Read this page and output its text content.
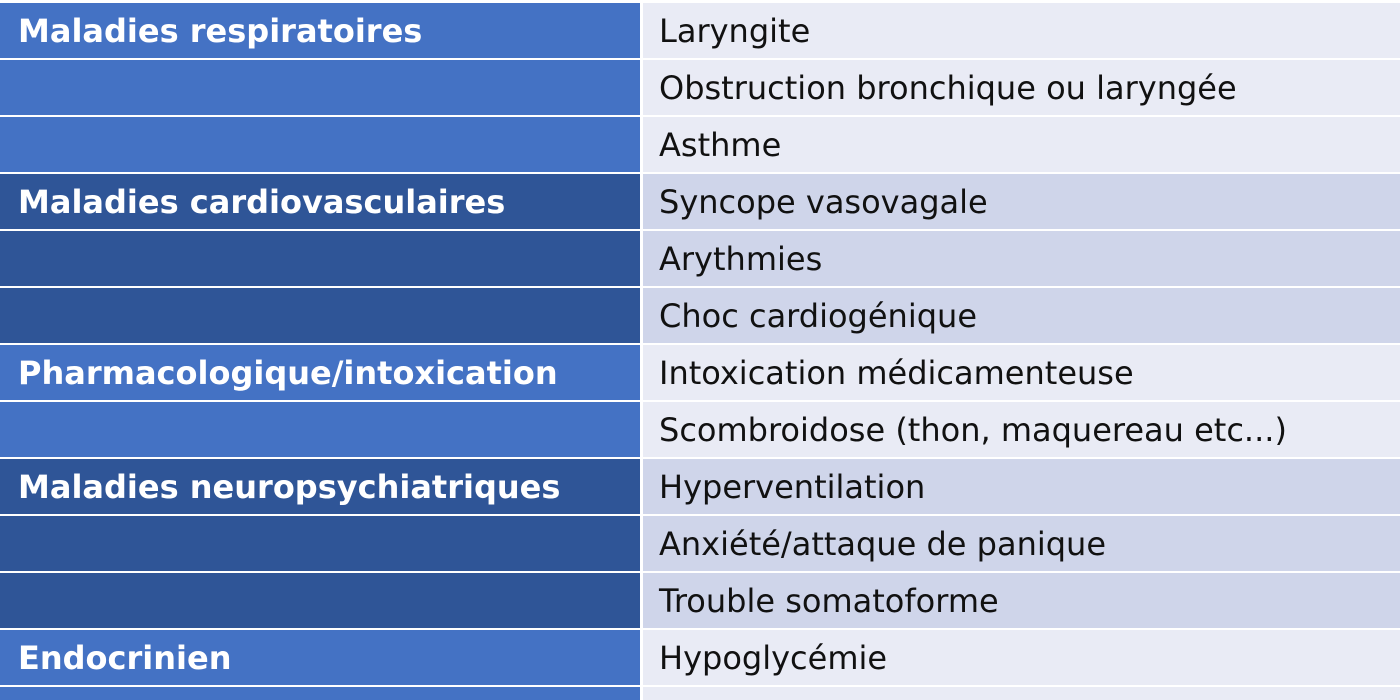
Maladies respiratoires	Laryngite
Obstruction bronchique ou laryngée
Asthme
Maladies cardiovasculaires	Syncope vasovagale
Arythmies
Choc cardiogénique
Pharmacologique/intoxication	Intoxication médicamenteuse
Scombroidose (thon, maquereau etc...)
Maladies neuropsychiatriques	Hyperventilation
Anxiété/attaque de panique
Trouble somatoforme
Endocrinien	Hypoglycémie
